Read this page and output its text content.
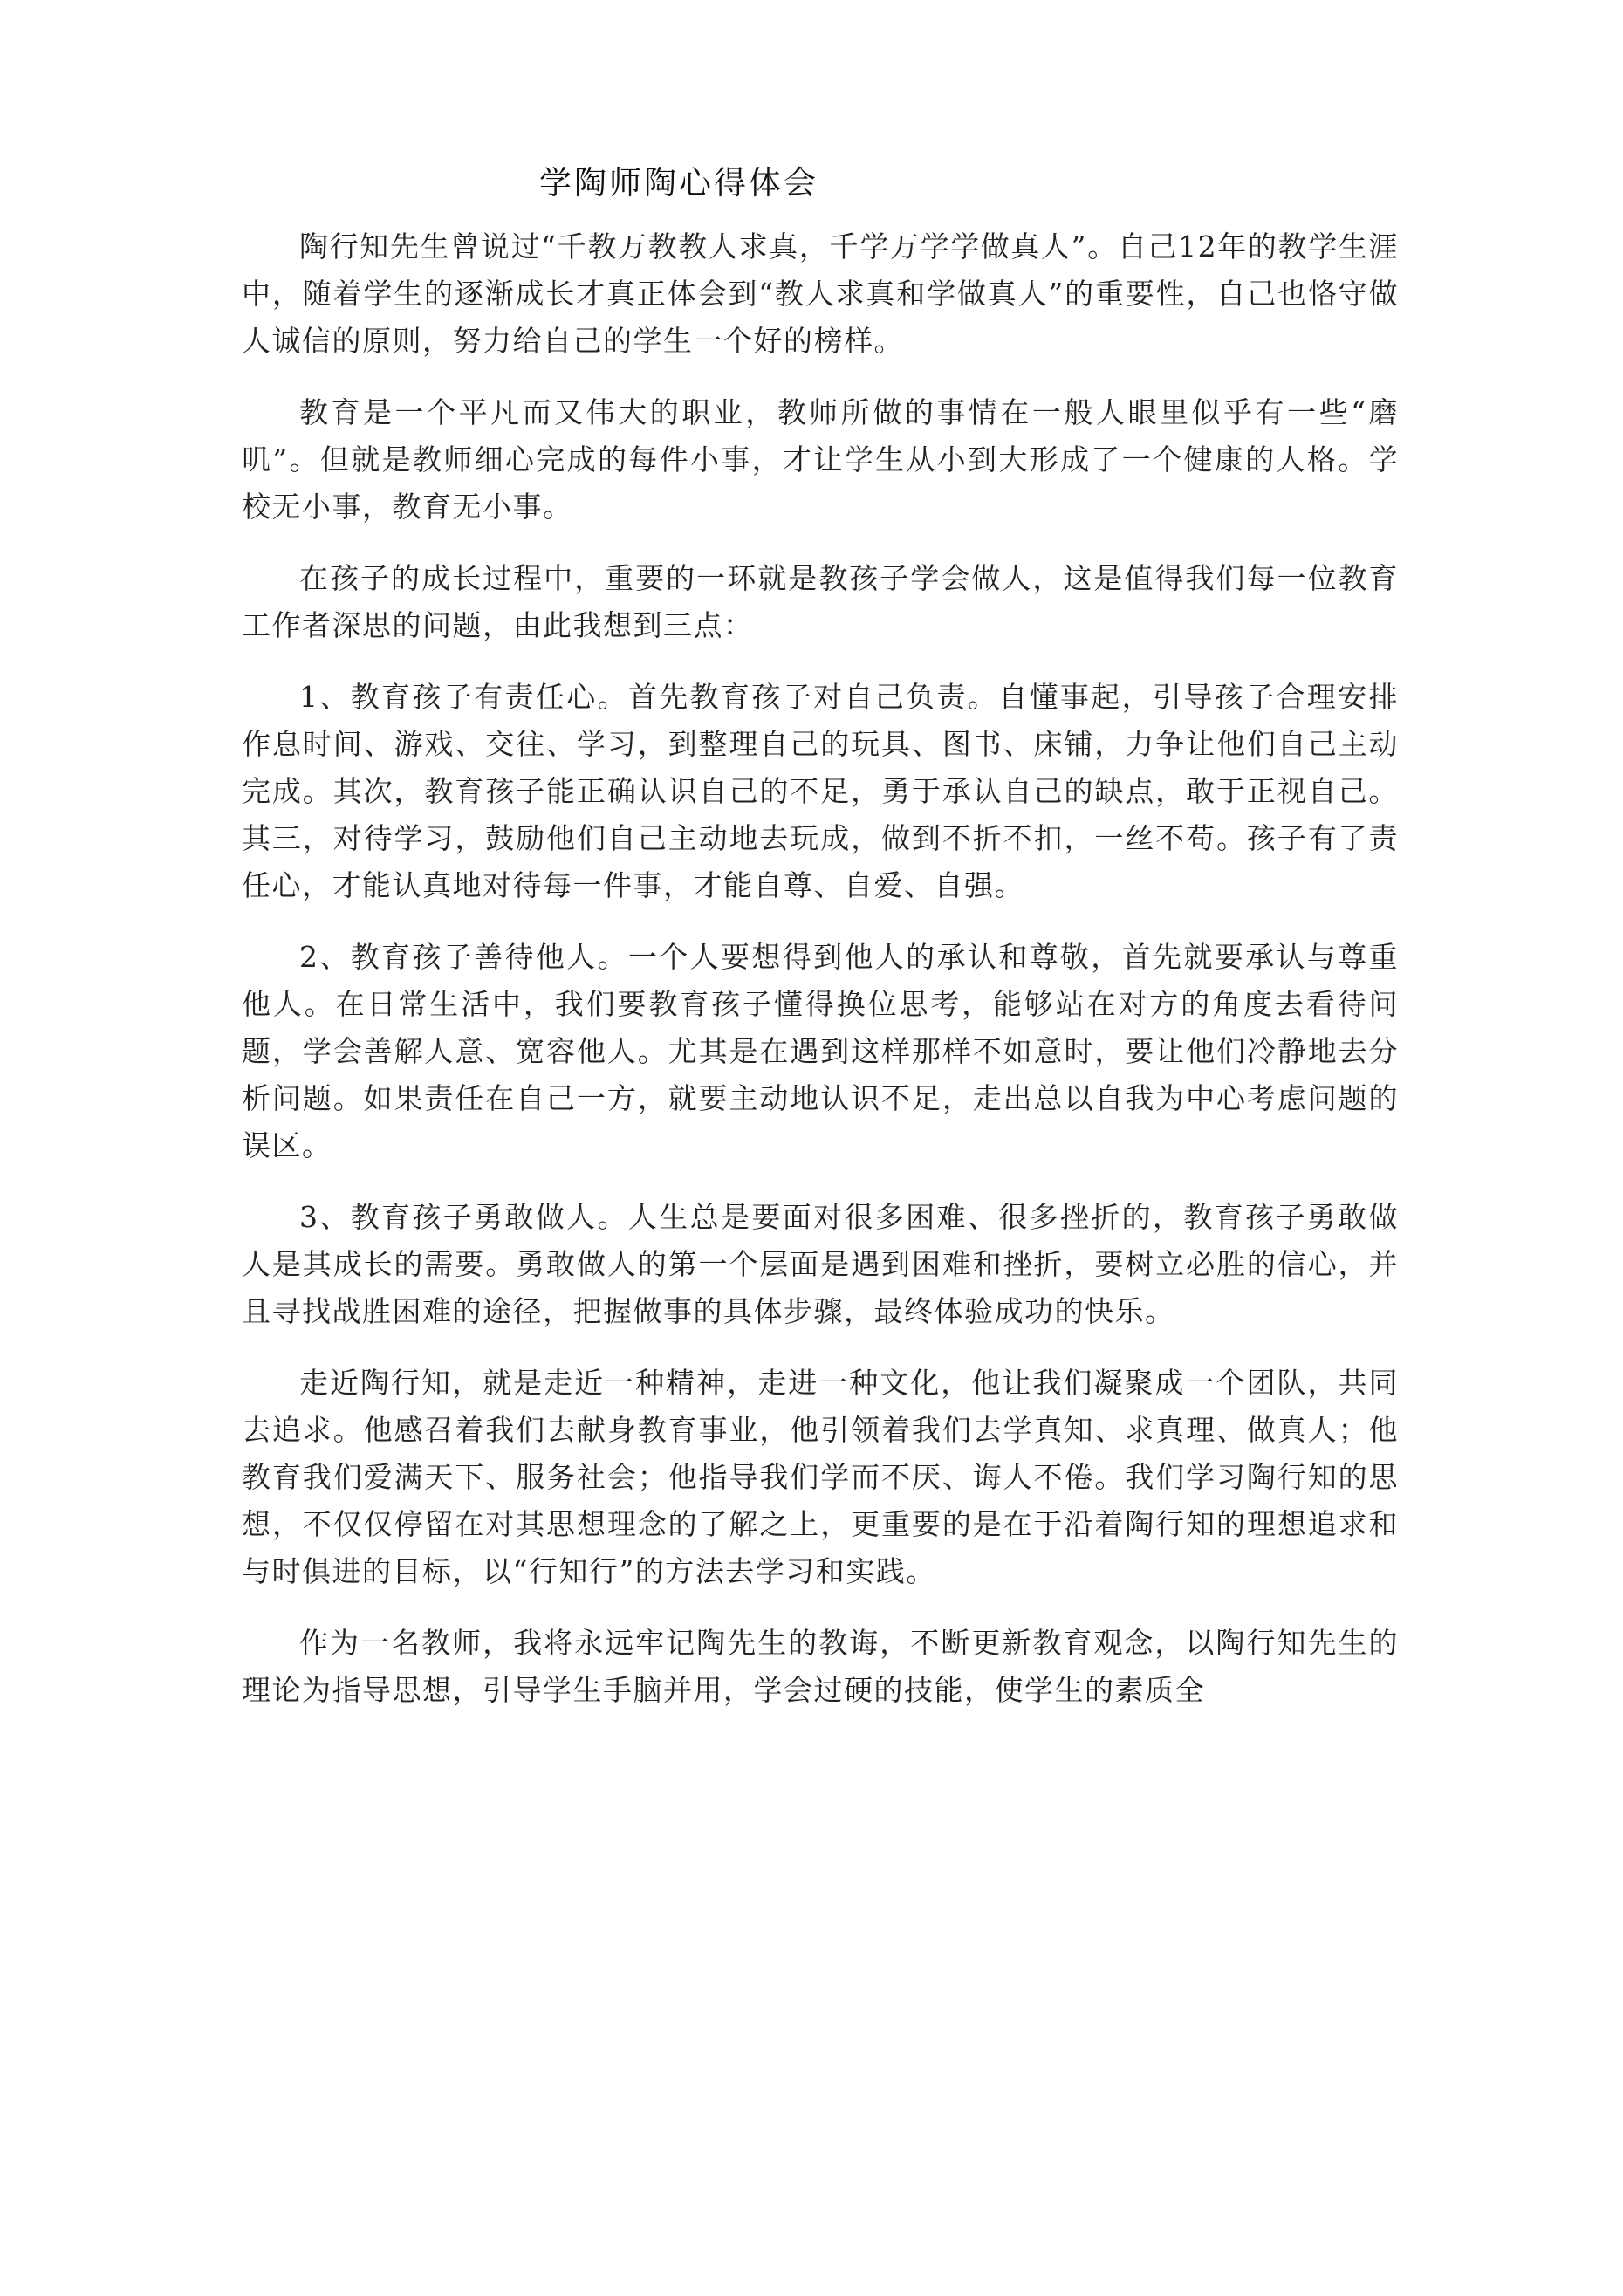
学陶师陶心得体会

陶行知先生曾说过“千教万教教人求真，千学万学学做真人”。自己12年的教学生涯中，随着学生的逐渐成长才真正体会到“教人求真和学做真人”的重要性，自己也恪守做人诚信的原则，努力给自己的学生一个好的榜样。

教育是一个平凡而又伟大的职业，教师所做的事情在一般人眼里似乎有一些“磨叽”。但就是教师细心完成的每件小事，才让学生从小到大形成了一个健康的人格。学校无小事，教育无小事。

在孩子的成长过程中，重要的一环就是教孩子学会做人，这是值得我们每一位教育工作者深思的问题，由此我想到三点：

1、教育孩子有责任心。首先教育孩子对自己负责。自懂事起，引导孩子合理安排作息时间、游戏、交往、学习，到整理自己的玩具、图书、床铺，力争让他们自己主动完成。其次，教育孩子能正确认识自己的不足，勇于承认自己的缺点，敢于正视自己。其三，对待学习，鼓励他们自己主动地去玩成，做到不折不扣，一丝不苟。孩子有了责任心，才能认真地对待每一件事，才能自尊、自爱、自强。

2、教育孩子善待他人。一个人要想得到他人的承认和尊敬，首先就要承认与尊重他人。在日常生活中，我们要教育孩子懂得换位思考，能够站在对方的角度去看待问题，学会善解人意、宽容他人。尤其是在遇到这样那样不如意时，要让他们冷静地去分析问题。如果责任在自己一方，就要主动地认识不足，走出总以自我为中心考虑问题的误区。

3、教育孩子勇敢做人。人生总是要面对很多困难、很多挫折的，教育孩子勇敢做人是其成长的需要。勇敢做人的第一个层面是遇到困难和挫折，要树立必胜的信心，并且寻找战胜困难的途径，把握做事的具体步骤，最终体验成功的快乐。

走近陶行知，就是走近一种精神，走进一种文化，他让我们凝聚成一个团队，共同去追求。他感召着我们去献身教育事业，他引领着我们去学真知、求真理、做真人；他教育我们爱满天下、服务社会；他指导我们学而不厌、诲人不倦。我们学习陶行知的思想，不仅仅停留在对其思想理念的了解之上，更重要的是在于沿着陶行知的理想追求和与时俱进的目标，以“行知行”的方法去学习和实践。

作为一名教师，我将永远牢记陶先生的教诲，不断更新教育观念，以陶行知先生的理论为指导思想，引导学生手脑并用，学会过硬的技能，使学生的素质全
